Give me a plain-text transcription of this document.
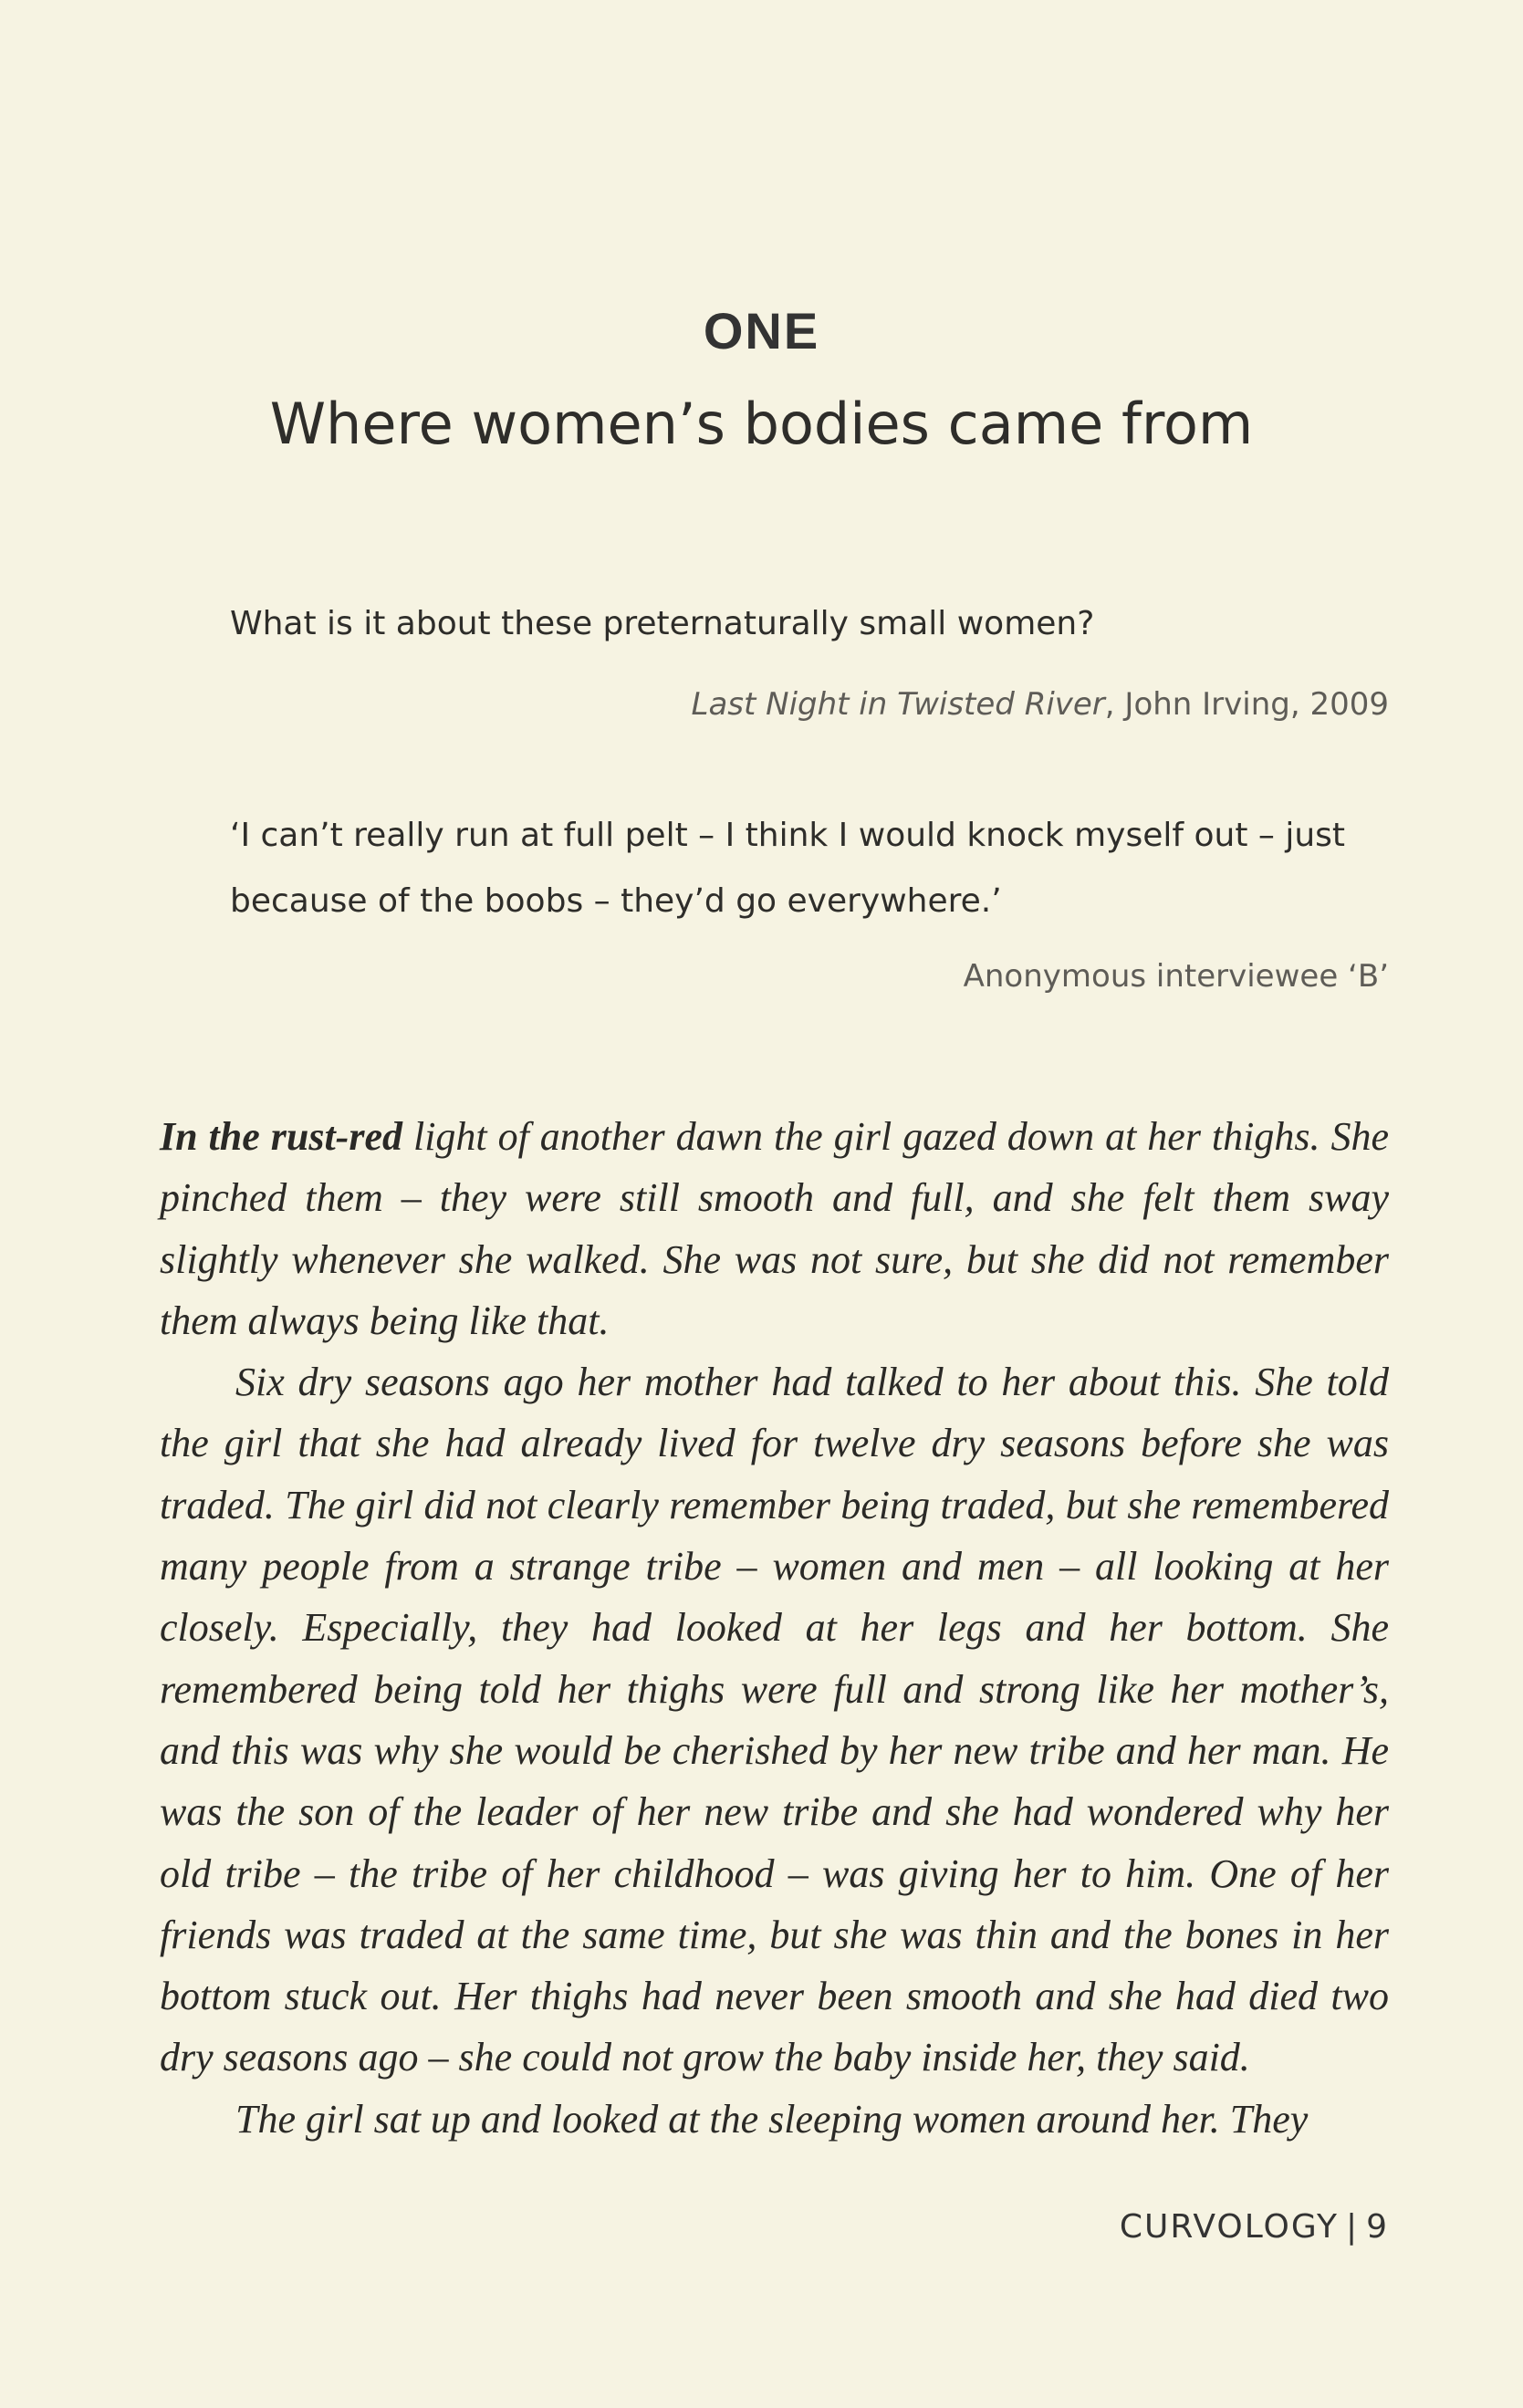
ONE
Where women’s bodies came from
What is it about these preternaturally small women?
Last Night in Twisted River, John Irving, 2009
‘I can’t really run at full pelt – I think I would knock myself out – just because of the boobs – they’d go everywhere.’
Anonymous interviewee ‘B’

In the rust-red light of another dawn the girl gazed down at her thighs. She pinched them – they were still smooth and full, and she felt them sway slightly whenever she walked. She was not sure, but she did not remember them always being like that.

Six dry seasons ago her mother had talked to her about this. She told the girl that she had already lived for twelve dry seasons before she was traded. The girl did not clearly remember being traded, but she remembered many people from a strange tribe – women and men – all looking at her closely. Especially, they had looked at her legs and her bottom. She remembered being told her thighs were full and strong like her mother’s, and this was why she would be cherished by her new tribe and her man. He was the son of the leader of her new tribe and she had wondered why her old tribe – the tribe of her childhood – was giving her to him. One of her friends was traded at the same time, but she was thin and the bones in her bottom stuck out. Her thighs had never been smooth and she had died two dry seasons ago – she could not grow the baby inside her, they said.

The girl sat up and looked at the sleeping women around her. They

CURVOLOGY | 9
